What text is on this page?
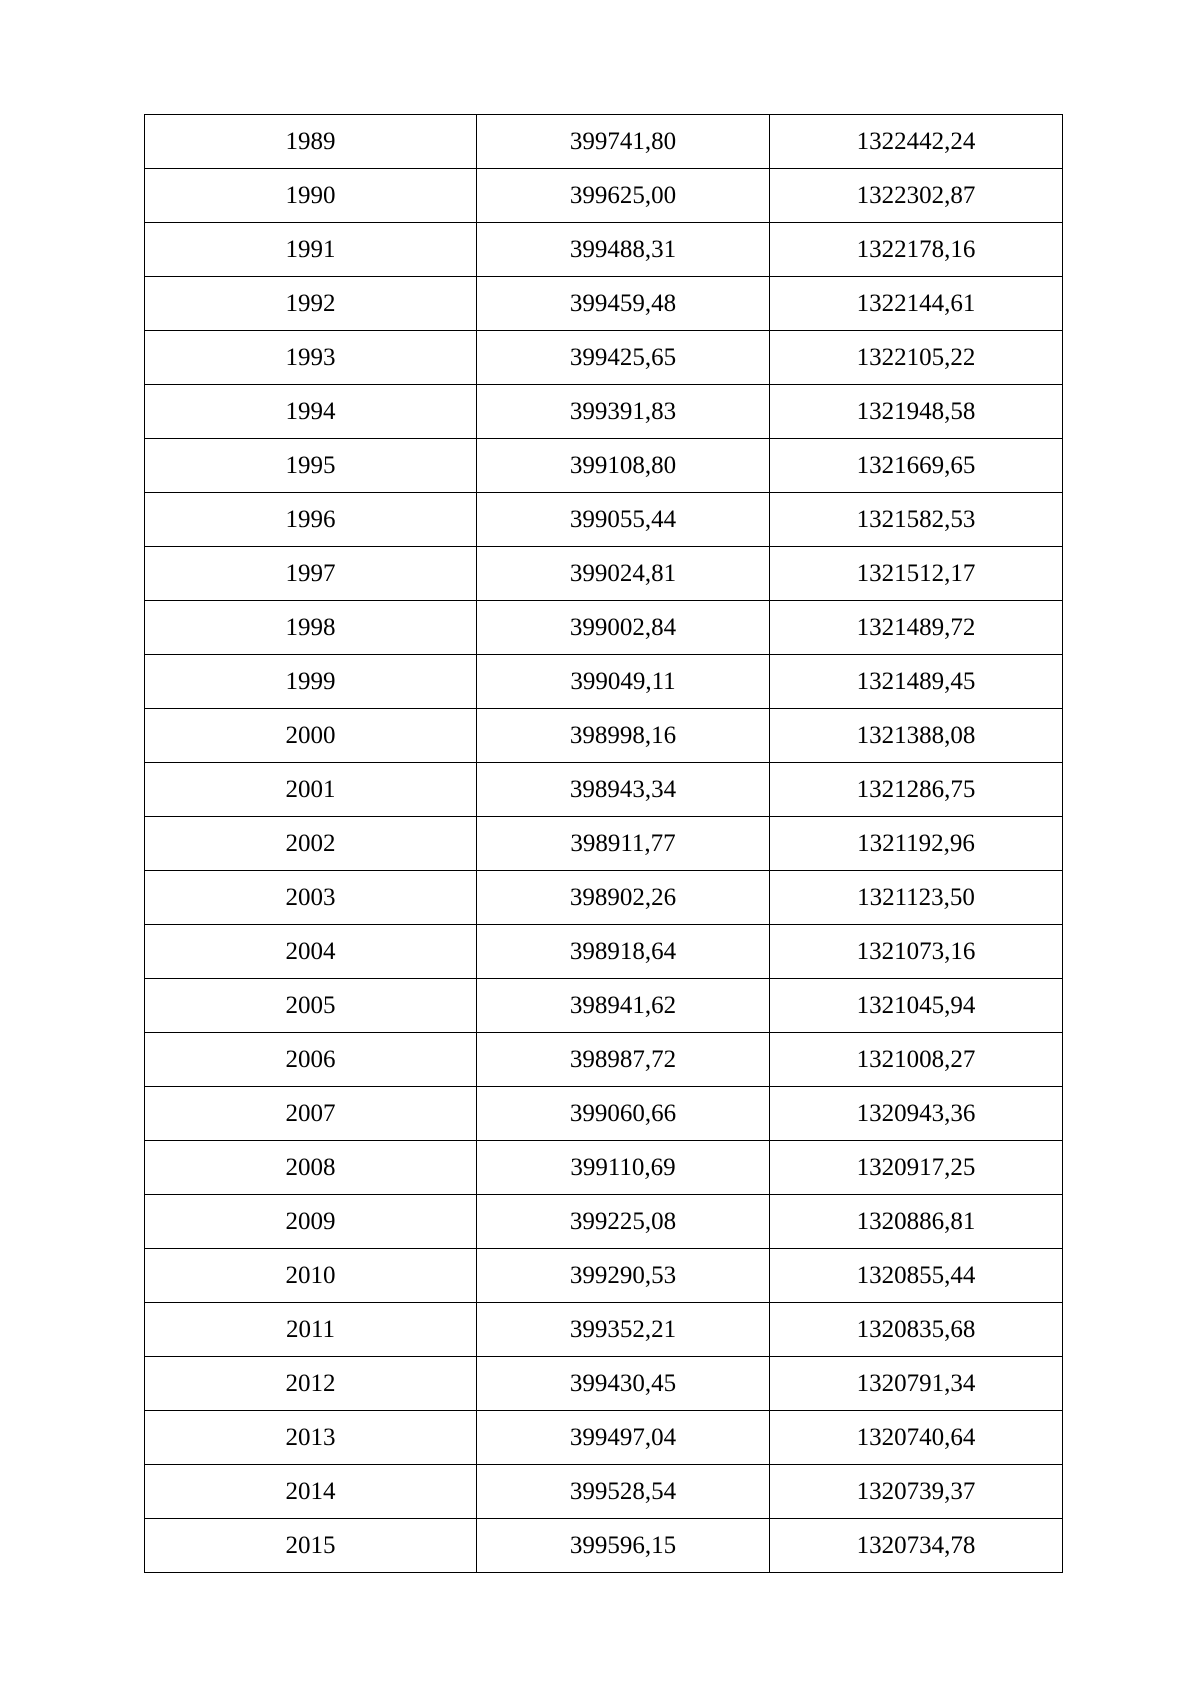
1989	399741,80	1322442,24
1990	399625,00	1322302,87
1991	399488,31	1322178,16
1992	399459,48	1322144,61
1993	399425,65	1322105,22
1994	399391,83	1321948,58
1995	399108,80	1321669,65
1996	399055,44	1321582,53
1997	399024,81	1321512,17
1998	399002,84	1321489,72
1999	399049,11	1321489,45
2000	398998,16	1321388,08
2001	398943,34	1321286,75
2002	398911,77	1321192,96
2003	398902,26	1321123,50
2004	398918,64	1321073,16
2005	398941,62	1321045,94
2006	398987,72	1321008,27
2007	399060,66	1320943,36
2008	399110,69	1320917,25
2009	399225,08	1320886,81
2010	399290,53	1320855,44
2011	399352,21	1320835,68
2012	399430,45	1320791,34
2013	399497,04	1320740,64
2014	399528,54	1320739,37
2015	399596,15	1320734,78
